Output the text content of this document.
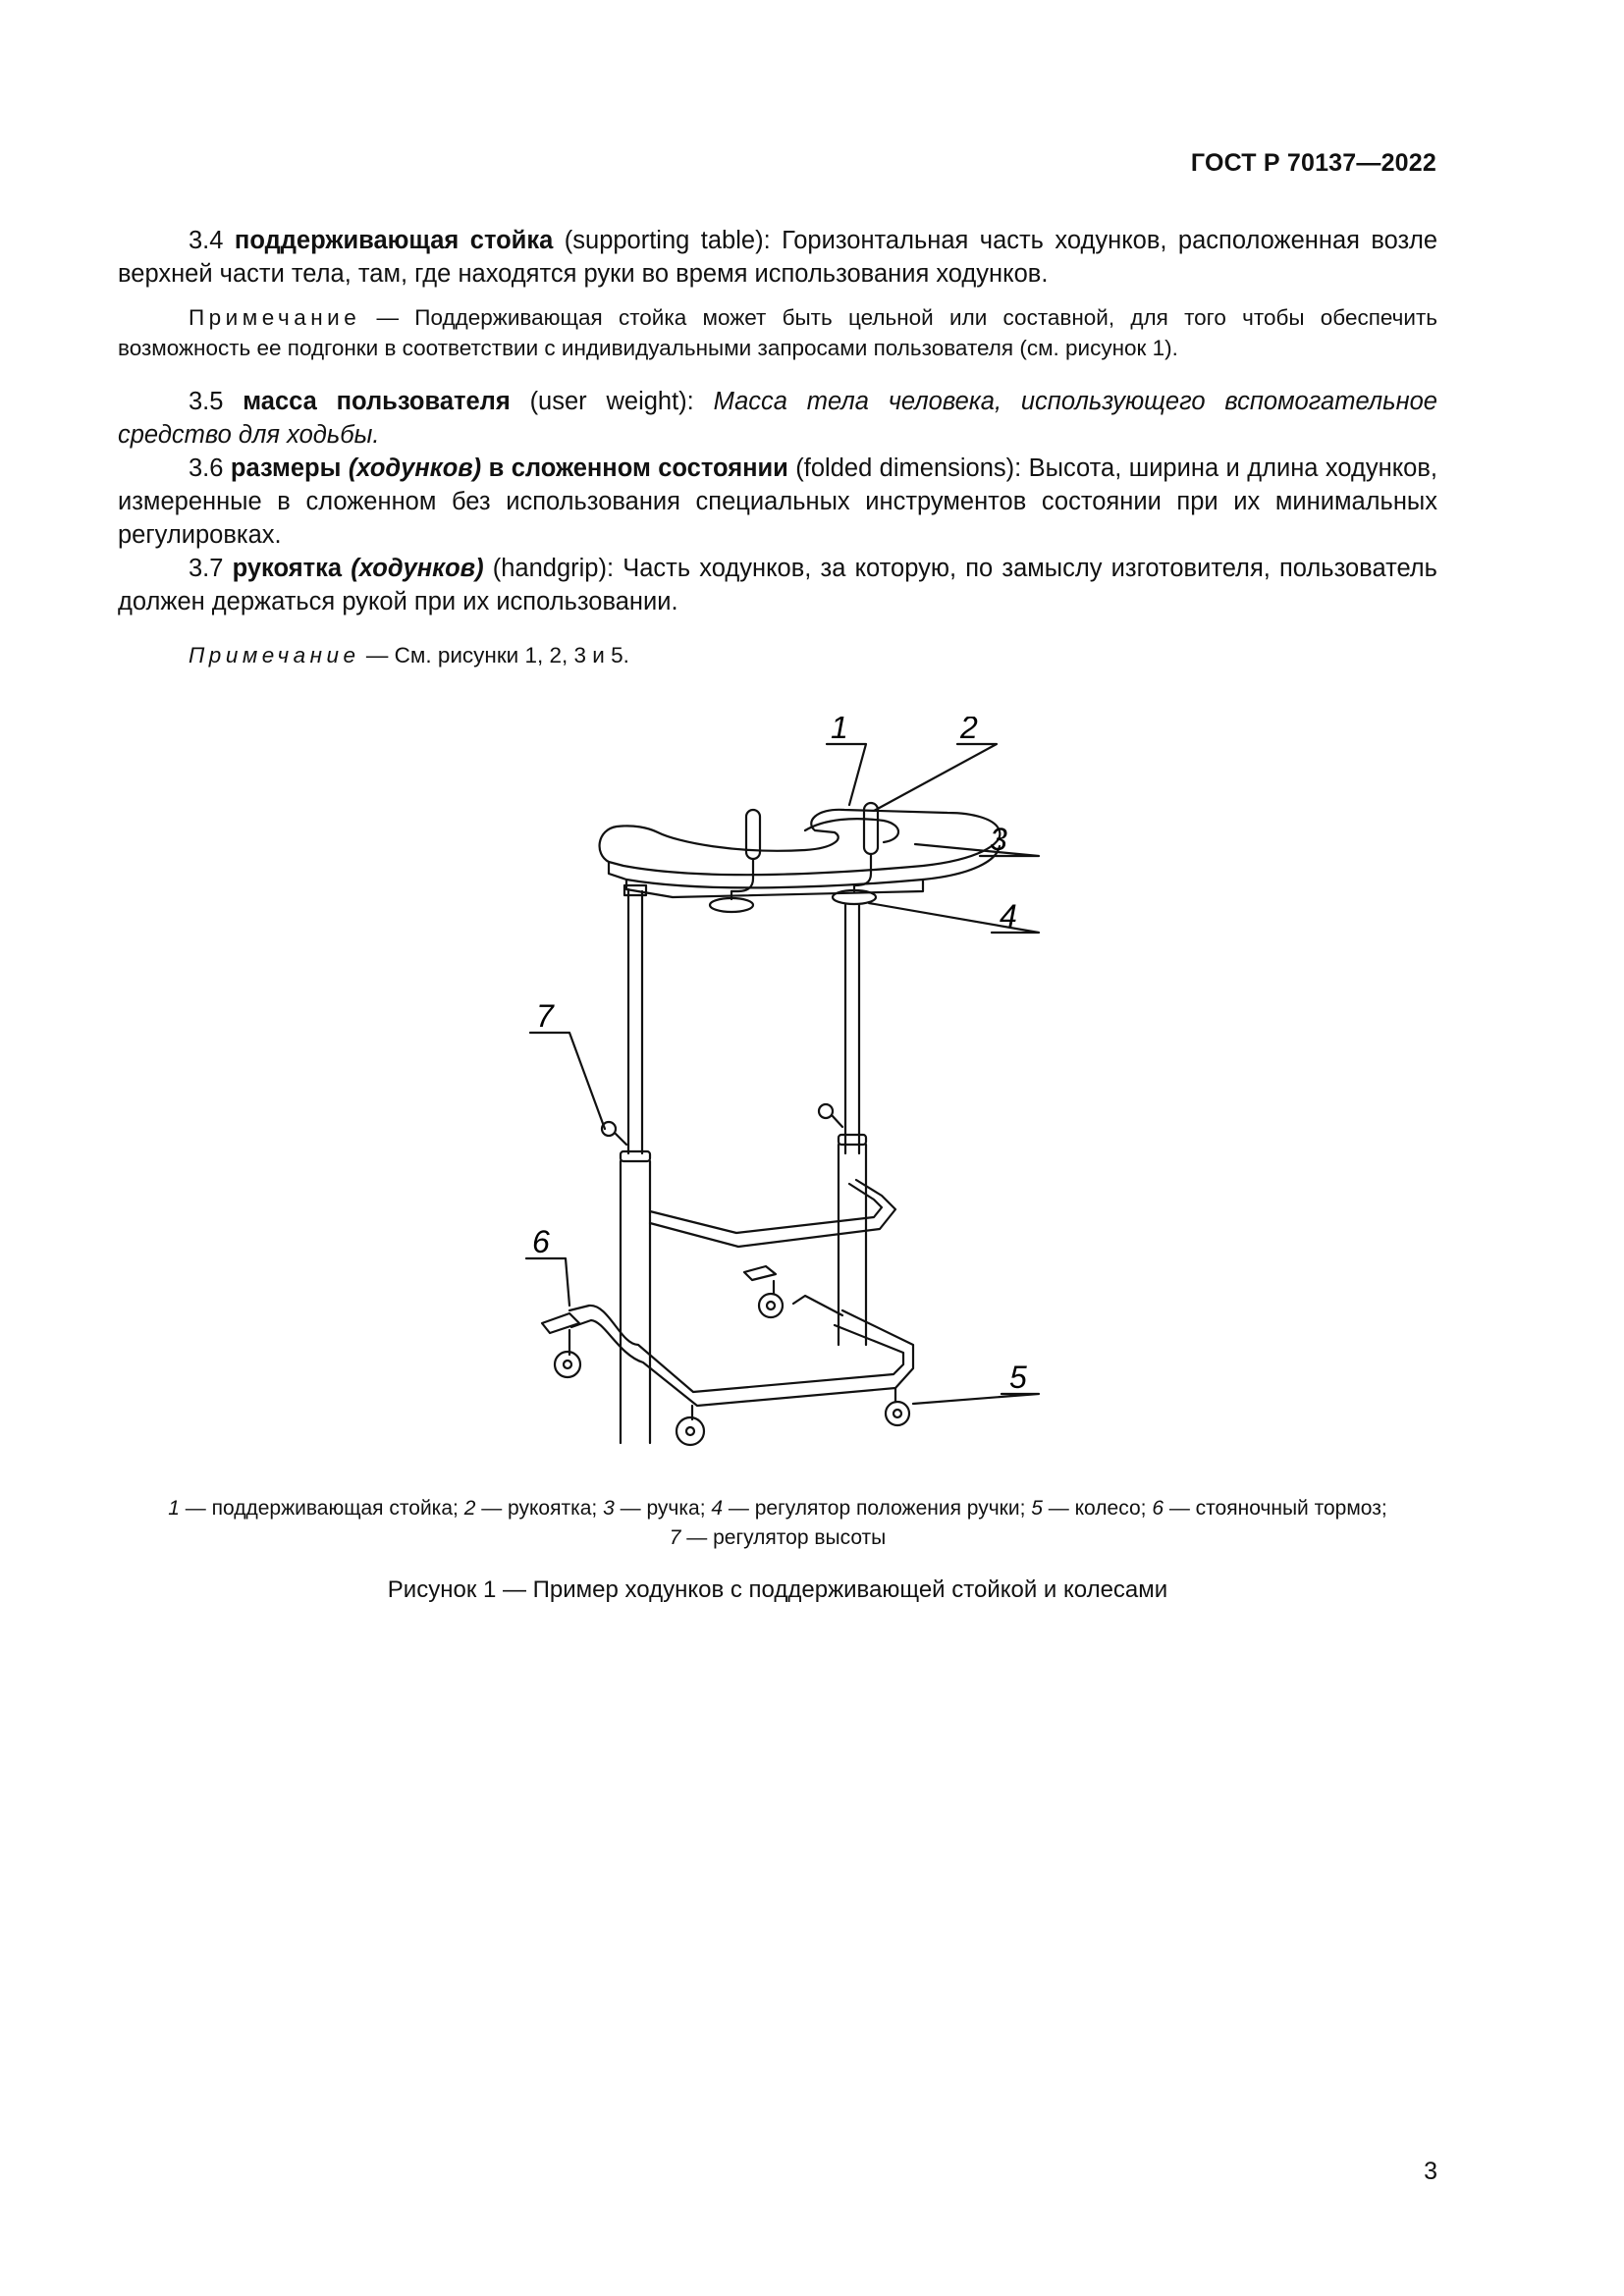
ГОСТ Р 70137—2022

3.4 поддерживающая стойка (supporting table): Горизонтальная часть ходунков, расположенная возле верхней части тела, там, где находятся руки во время использования ходунков.

Примечание — Поддерживающая стойка может быть цельной или составной, для того чтобы обеспечить возможность ее подгонки в соответствии с индивидуальными запросами пользователя (см. рисунок 1).

3.5 масса пользователя (user weight): Масса тела человека, использующего вспомогательное средство для ходьбы.

3.6 размеры (ходунков) в сложенном состоянии (folded dimensions): Высота, ширина и длина ходунков, измеренные в сложенном без использования специальных инструментов состоянии при их минимальных регулировках.

3.7 рукоятка (ходунков) (handgrip): Часть ходунков, за которую, по замыслу изготовителя, пользователь должен держаться рукой при их использовании.

Примечание — См. рисунки 1, 2, 3 и 5.

1	2
3
4
5
6
7
1 — поддерживающая стойка; 2 — рукоятка; 3 — ручка; 4 — регулятор положения ручки; 5 — колесо; 6 — стояночный тормоз;
7 — регулятор высоты
Рисунок 1 — Пример ходунков с поддерживающей стойкой и колесами
3
